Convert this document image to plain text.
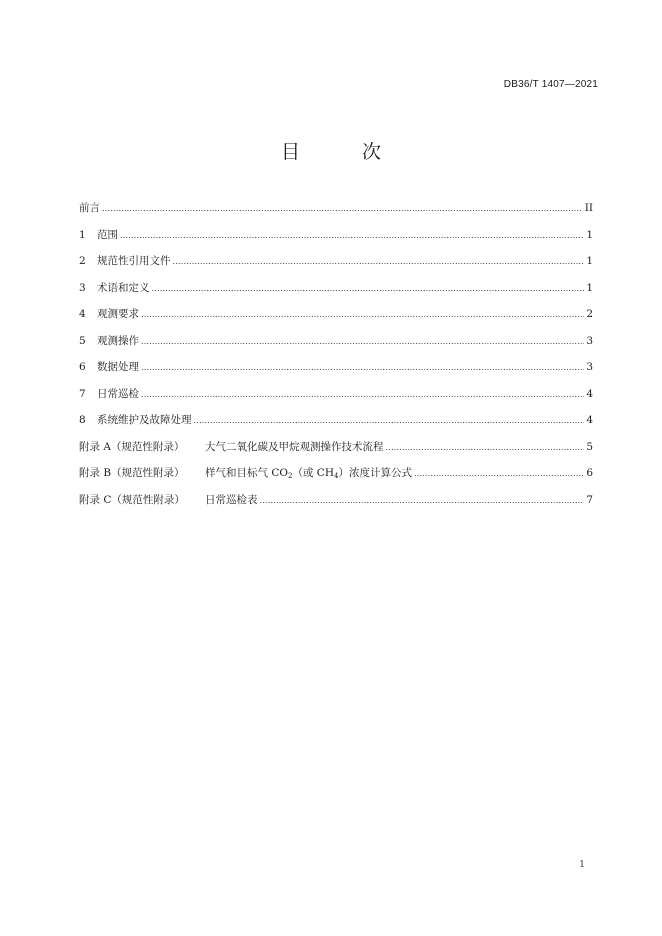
DB36/T 1407—2021
目 次
前言 .....	II
1	范围 .....	1
2	规范性引用文件 .....	1
3	术语和定义 .....	1
4	观测要求 .....	2
5	观测操作 .....	3
6	数据处理 .....	3
7	日常巡检 .....	4
8	系统维护及故障处理 .....	4
附录 A（规范性附录）	大气二氧化碳及甲烷观测操作技术流程 .....	5
附录 B（规范性附录）	样气和目标气 $CO_2$（或 $CH_4$）浓度计算公式 .....	6
附录 C（规范性附录）	日常巡检表 .....	7
1
